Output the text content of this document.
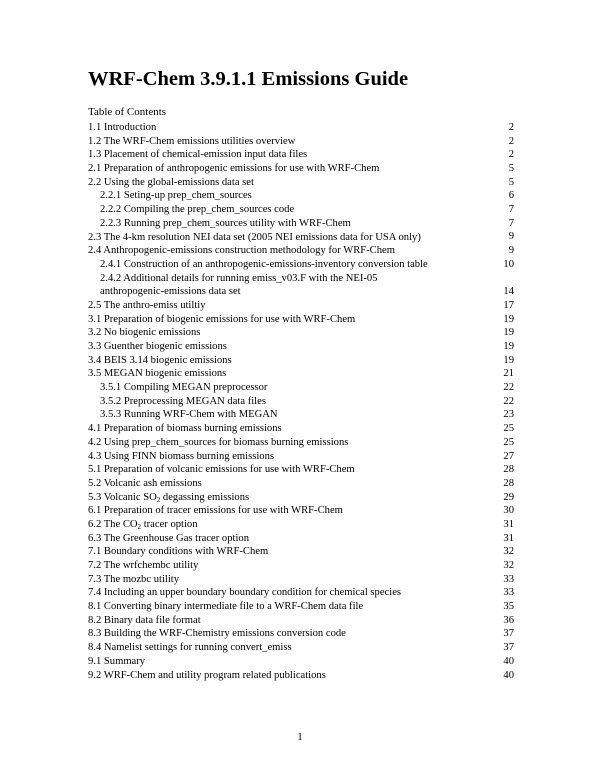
WRF-Chem 3.9.1.1 Emissions Guide
Table of Contents
1.1 Introduction	2
1.2 The WRF-Chem emissions utilities overview	2
1.3 Placement of chemical-emission input data files	2
2.1 Preparation of anthropogenic emissions for use with WRF-Chem	5
2.2 Using the global-emissions data set	5
2.2.1 Seting-up prep_chem_sources	6
2.2.2 Compiling the prep_chem_sources code	7
2.2.3 Running prep_chem_sources utility with WRF-Chem	7
2.3 The 4-km resolution NEI data set (2005 NEI emissions data for USA only)	9
2.4 Anthropogenic-emissions construction methodology for WRF-Chem	9
2.4.1 Construction of an anthropogenic-emissions-inventory conversion table	10
2.4.2 Additional details for running emiss_v03.F with the NEI-05
anthropogenic-emissions data set	14
2.5 The anthro-emiss utiltiy	17
3.1 Preparation of biogenic emissions for use with WRF-Chem	19
3.2 No biogenic emissions	19
3.3 Guenther biogenic emissions	19
3.4 BEIS 3.14 biogenic emissions	19
3.5 MEGAN biogenic emissions	21
3.5.1 Compiling MEGAN preprocessor	22
3.5.2 Preprocessing MEGAN data files	22
3.5.3 Running WRF-Chem with MEGAN	23
4.1 Preparation of biomass burning emissions	25
4.2 Using prep_chem_sources for biomass burning emissions	25
4.3 Using FINN biomass burning emissions	27
5.1 Preparation of volcanic emissions for use with WRF-Chem	28
5.2 Volcanic ash emissions	28
5.3 Volcanic $SO_2$ degassing emissions	29
6.1 Preparation of tracer emissions for use with WRF-Chem	30
6.2 The $CO_2$ tracer option	31
6.3 The Greenhouse Gas tracer option	31
7.1 Boundary conditions with WRF-Chem	32
7.2 The wrfchembc utility	32
7.3 The mozbc utility	33
7.4 Including an upper boundary boundary condition for chemical species	33
8.1 Converting binary intermediate file to a WRF-Chem data file	35
8.2 Binary data file format	36
8.3 Building the WRF-Chemistry emissions conversion code	37
8.4 Namelist settings for running convert_emiss	37
9.1 Summary	40
9.2 WRF-Chem and utility program related publications	40
1
